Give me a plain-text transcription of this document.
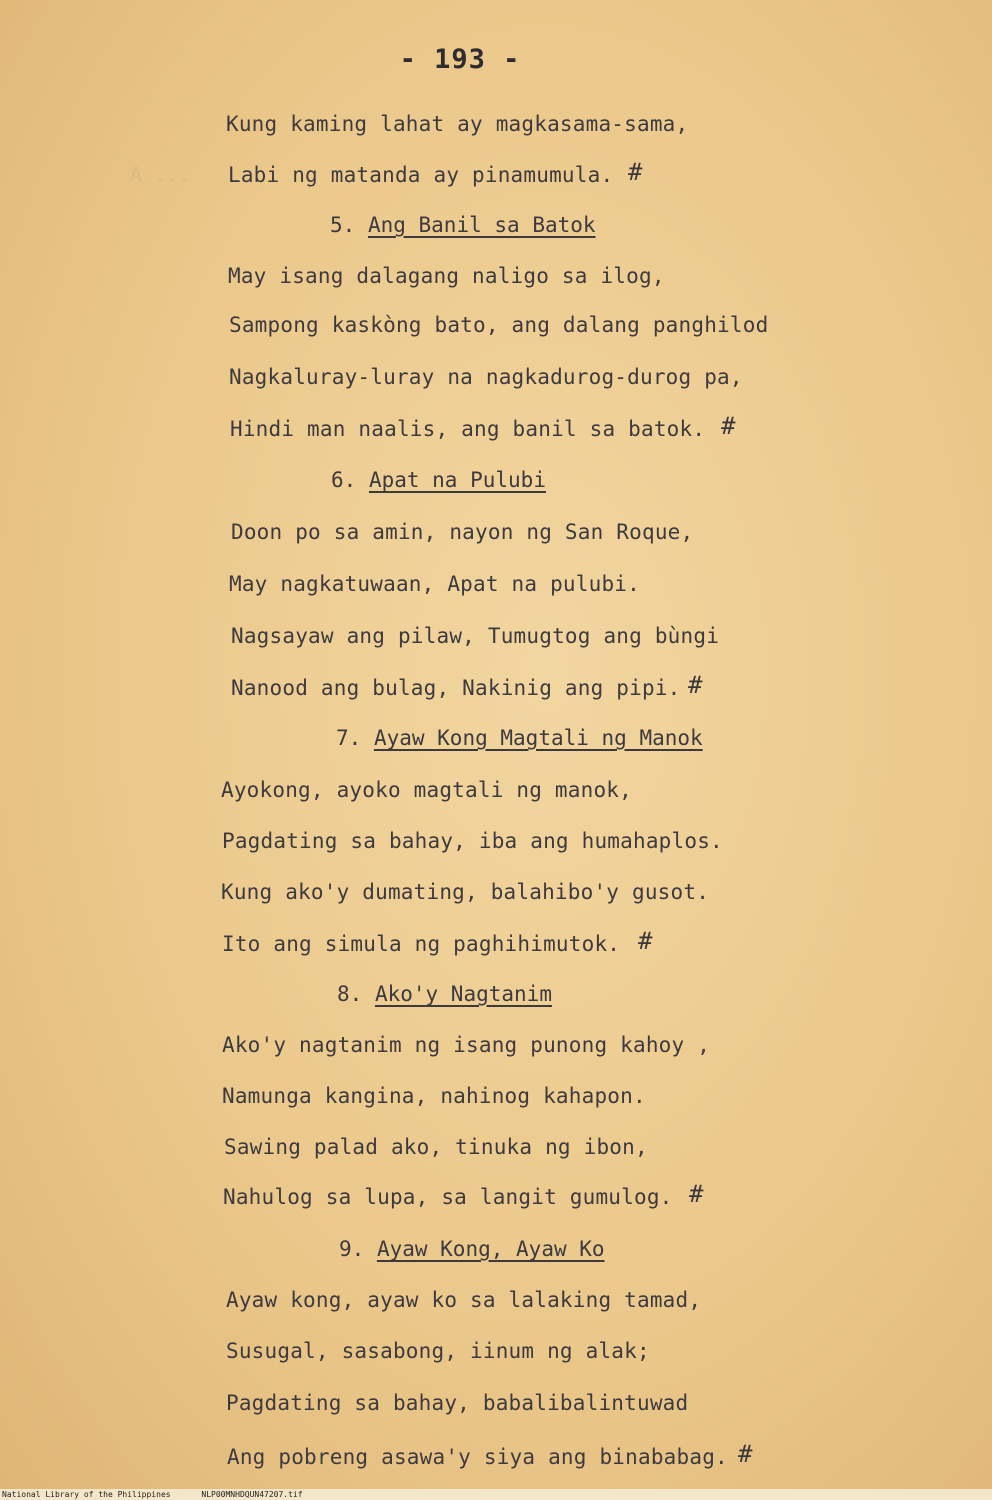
A ...
- 193 -
Kung kaming lahat ay magkasama-sama,
Labi ng matanda ay pinamumula. #
5. Ang Banil sa Batok
May isang dalagang naligo sa ilog,
Sampong kaskòng bato, ang dalang panghilod
Nagkaluray-luray na nagkadurog-durog pa,
Hindi man naalis, ang banil sa batok. #
6. Apat na Pulubi
Doon po sa amin, nayon ng San Roque,
May nagkatuwaan, Apat na pulubi.
Nagsayaw ang pilaw, Tumugtog ang bùngi
Nanood ang bulag, Nakinig ang pipi. #
7. Ayaw Kong Magtali ng Manok
Ayokong, ayoko magtali ng manok,
Pagdating sa bahay, iba ang humahaplos.
Kung ako'y dumating, balahibo'y gusot.
Ito ang simula ng paghihimutok. #
8. Ako'y Nagtanim
Ako'y nagtanim ng isang punong kahoy ,
Namunga kangina, nahinog kahapon.
Sawing palad ako, tinuka ng ibon,
Nahulog sa lupa, sa langit gumulog. #
9. Ayaw Kong, Ayaw Ko
Ayaw kong, ayaw ko sa lalaking tamad,
Susugal, sasabong, iinum ng alak;
Pagdating sa bahay, babalibalintuwad
Ang pobreng asawa'y siya ang binababag. #
National Library of the Philippines	NLP00MNHDQUN47207.tif
